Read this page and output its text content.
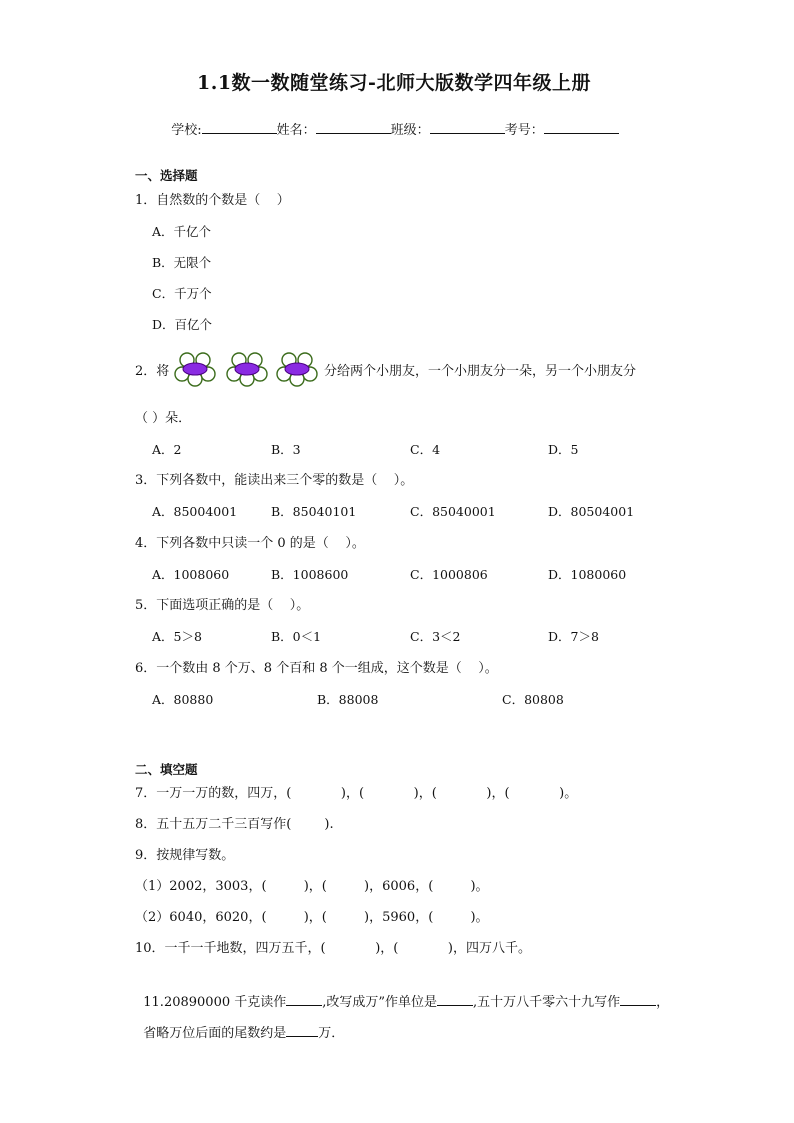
1.1数一数随堂练习-北师大版数学四年级上册

学校:	姓名：	班级：	考号：

一、选择题
1．自然数的个数是（    ）
A．千亿个
B．无限个
C．千万个
D．百亿个
2．将	分给两个小朋友，一个小朋友分一朵，另一个小朋友分
（ ）朵．
A．2	B．3	C．4	D．5
3．下列各数中，能读出来三个零的数是（    ）。
A．85004001	B．85040101	C．85040001	D．80504001
4．下列各数中只读一个 0 的是（    ）。
A．1008060	B．1008600	C．1000806	D．1080060
5．下面选项正确的是（    ）。
A．5＞8	B．0＜1	C．3＜2	D．7＞8
6．一个数由 8 个万、8 个百和 8 个一组成，这个数是（    ）。
A．80880	B．88008	C．80808
二、填空题
7．一万一万的数，四万，(            )，(            )，(            )，(            )。
8．五十五万二千三百写作(        ).
9．按规律写数。
（1）2002，3003，(         )，(         )，6006，(         )。
（2）6040，6020，(         )，(         )，5960，(         )。
10．一千一千地数，四万五千，(            )，(            )，四万八千。

11.20890000 千克读作	,改写成万”作单位是	,五十万八千零六十九写作	，

省略万位后面的尾数约是 万．
